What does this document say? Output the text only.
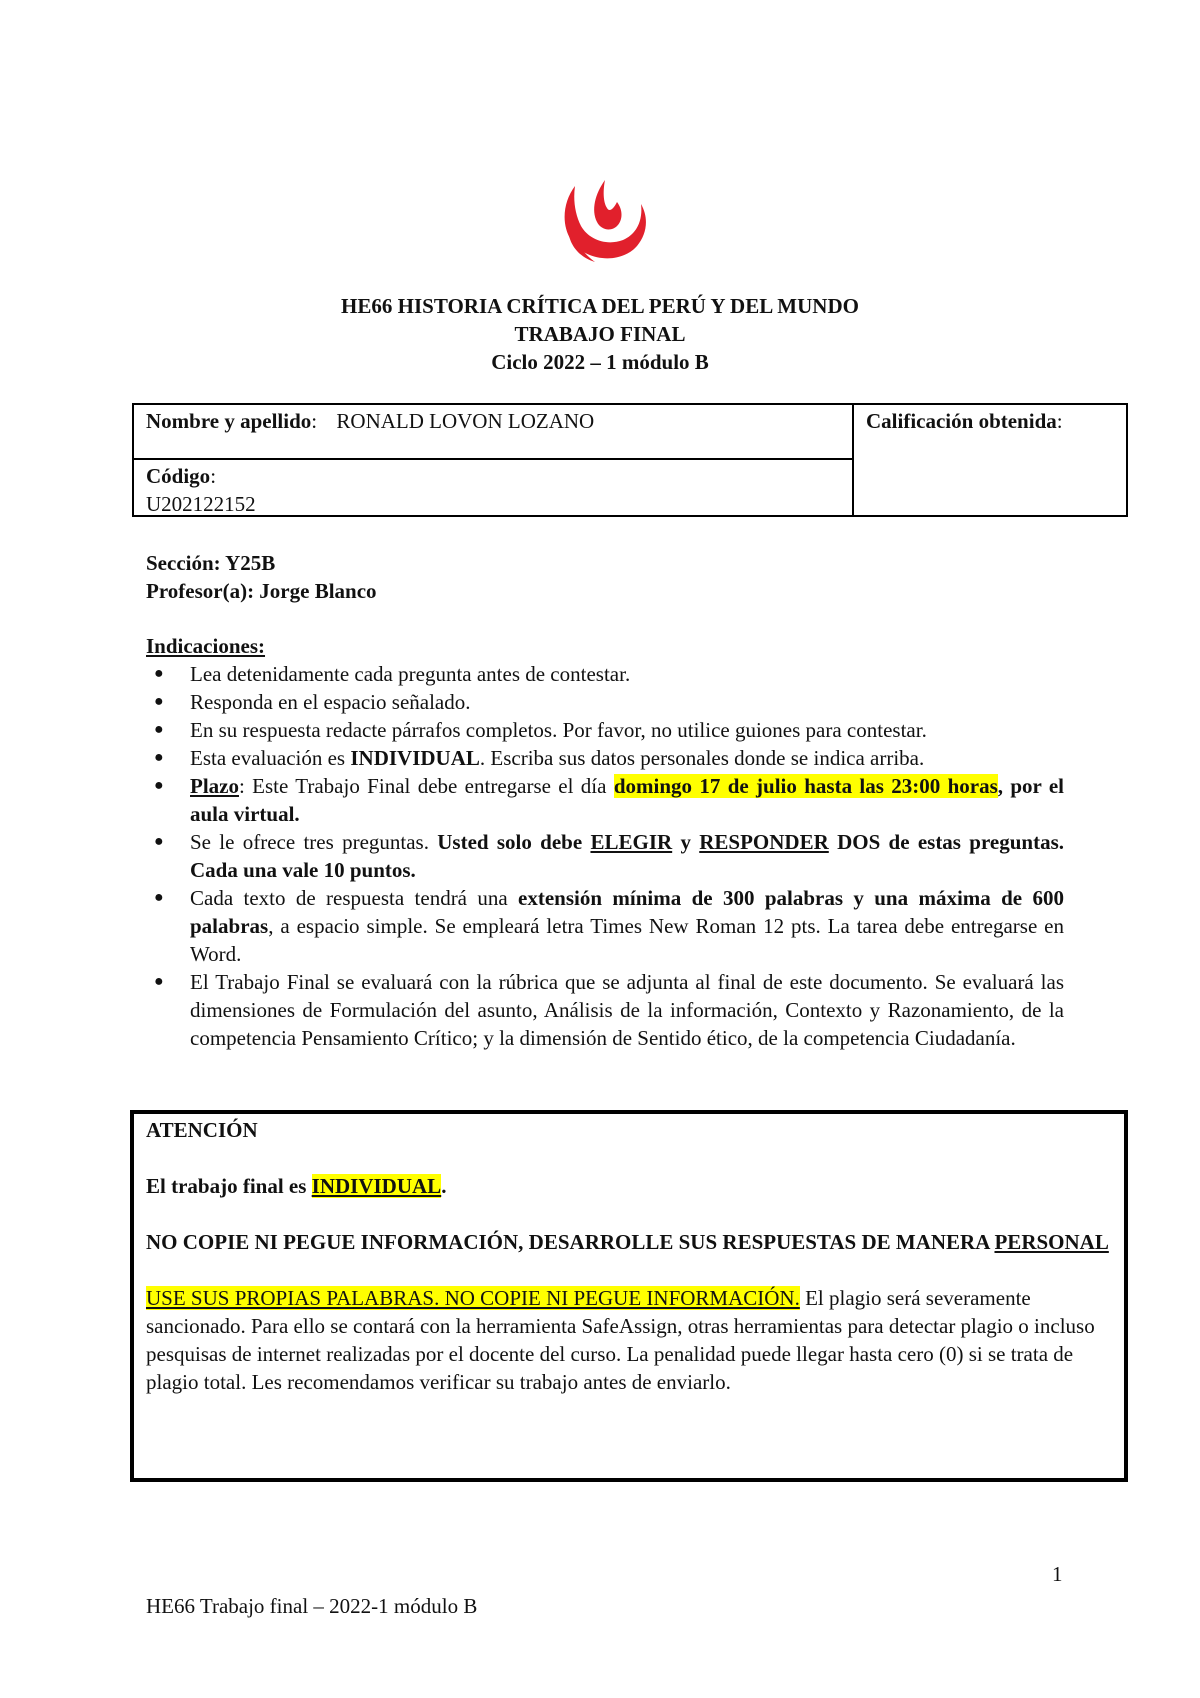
HE66 HISTORIA CRÍTICA DEL PERÚ Y DEL MUNDO
TRABAJO FINAL
Ciclo 2022 – 1 módulo B
Nombre y apellido: RONALD LOVON LOZANO
Código:
U202122152
Calificación obtenida:
Sección: Y25B
Profesor(a): Jorge Blanco
Indicaciones:
● Lea detenidamente cada pregunta antes de contestar.
● Responda en el espacio señalado.
● En su respuesta redacte párrafos completos. Por favor, no utilice guiones para contestar.
● Esta evaluación es INDIVIDUAL. Escriba sus datos personales donde se indica arriba.
● Plazo: Este Trabajo Final debe entregarse el día domingo 17 de julio hasta las 23:00 horas, por el aula virtual.
● Se le ofrece tres preguntas. Usted solo debe ELEGIR y RESPONDER DOS de estas preguntas. Cada una vale 10 puntos.
● Cada texto de respuesta tendrá una extensión mínima de 300 palabras y una máxima de 600 palabras, a espacio simple. Se empleará letra Times New Roman 12 pts. La tarea debe entregarse en Word.
● El Trabajo Final se evaluará con la rúbrica que se adjunta al final de este documento. Se evaluará las dimensiones de Formulación del asunto, Análisis de la información, Contexto y Razonamiento, de la competencia Pensamiento Crítico; y la dimensión de Sentido ético, de la competencia Ciudadanía.

ATENCIÓN

El trabajo final es INDIVIDUAL.

NO COPIE NI PEGUE INFORMACIÓN, DESARROLLE SUS RESPUESTAS DE MANERA PERSONAL

USE SUS PROPIAS PALABRAS. NO COPIE NI PEGUE INFORMACIÓN. El plagio será severamente sancionado. Para ello se contará con la herramienta SafeAssign, otras herramientas para detectar plagio o incluso pesquisas de internet realizadas por el docente del curso. La penalidad puede llegar hasta cero (0) si se trata de plagio total. Les recomendamos verificar su trabajo antes de enviarlo.

1
HE66 Trabajo final – 2022-1 módulo B
